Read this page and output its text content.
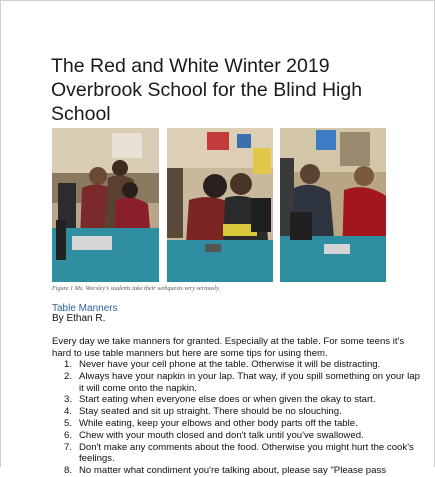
The Red and White Winter 2019
Overbrook School for the Blind High School
Figure 1 Ms. Worsley's students take their webquests very seriously.
Table Manners
By Ethan R.
Every day we take manners for granted. Especially at the table. For some teens it's hard to use table manners but here are some tips for using them.
1. Never have your cell phone at the table. Otherwise it will be distracting.
2. Always have your napkin in your lap. That way, if you spill something on your lap it will come onto the napkin.
3. Start eating when everyone else does or when given the okay to start.
4. Stay seated and sit up straight. There should be no slouching.
5. While eating, keep your elbows and other body parts off the table.
6. Chew with your mouth closed and don't talk until you've swallowed.
7. Don't make any comments about the food. Otherwise you might hurt the cook's feelings.
8. No matter what condiment you're talking about, please say "Please pass
